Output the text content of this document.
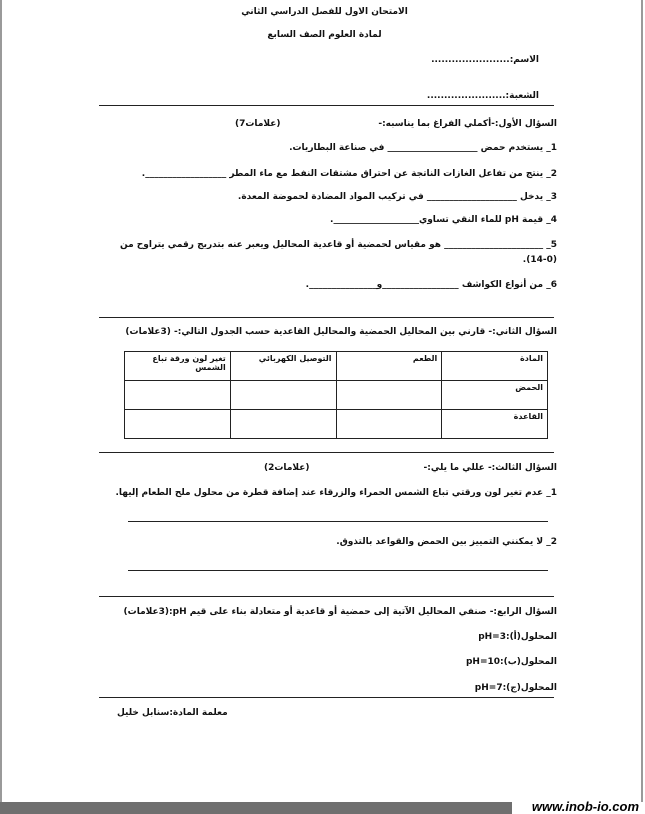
الامتحان الاول للفصل الدراسي الثاني
لمادة العلوم الصف السابع
الاسم:.......................
الشعبة:.......................
السؤال الأول:-أكملي الفراغ بما يناسبه:-
(7علامات)
1_ يستخدم حمض ____________________ في صناعة البطاريات.
2_ ينتج من تفاعل الغازات الناتجة عن احتراق مشتقات النفط مع ماء المطر __________________.
3_ يدخل ____________________ في تركيب المواد المضادة لحموضة المعدة.
4_ قيمة pH للماء النقي تساوي___________________.
5_ ______________________ هو مقياس لحمضية أو قاعدية المحاليل ويعبر عنه بتدريج رقمي يتراوح من
(14-0).
6_ من أنواع الكواشف _________________و_______________.
السؤال الثاني:- قارني بين المحاليل الحمضية والمحاليل القاعدية حسب الجدول التالي:- (3علامات)
المادة	الطعم	التوصيل الكهربائي	تغير لون ورقة تباع الشمس
الحمض			
القاعدة			
السؤال الثالث:- عللي ما يلي:-
(2علامات)
1_ عدم تغير لون ورقتي تباع الشمس الحمراء والزرقاء عند إضافة قطرة من محلول ملح الطعام إليها.
2_ لا يمكنني التمييز بين الحمض والقواعد بالتذوق.
السؤال الرابع:- صنفي المحاليل الآتية إلى حمضية أو قاعدية أو متعادلة بناء على قيم pH:(3علامات)
المحلول(أ):pH=3
المحلول(ب):pH=10
المحلول(ج):pH=7
معلمة المادة:سنابل خليل
www.inob-io.com
